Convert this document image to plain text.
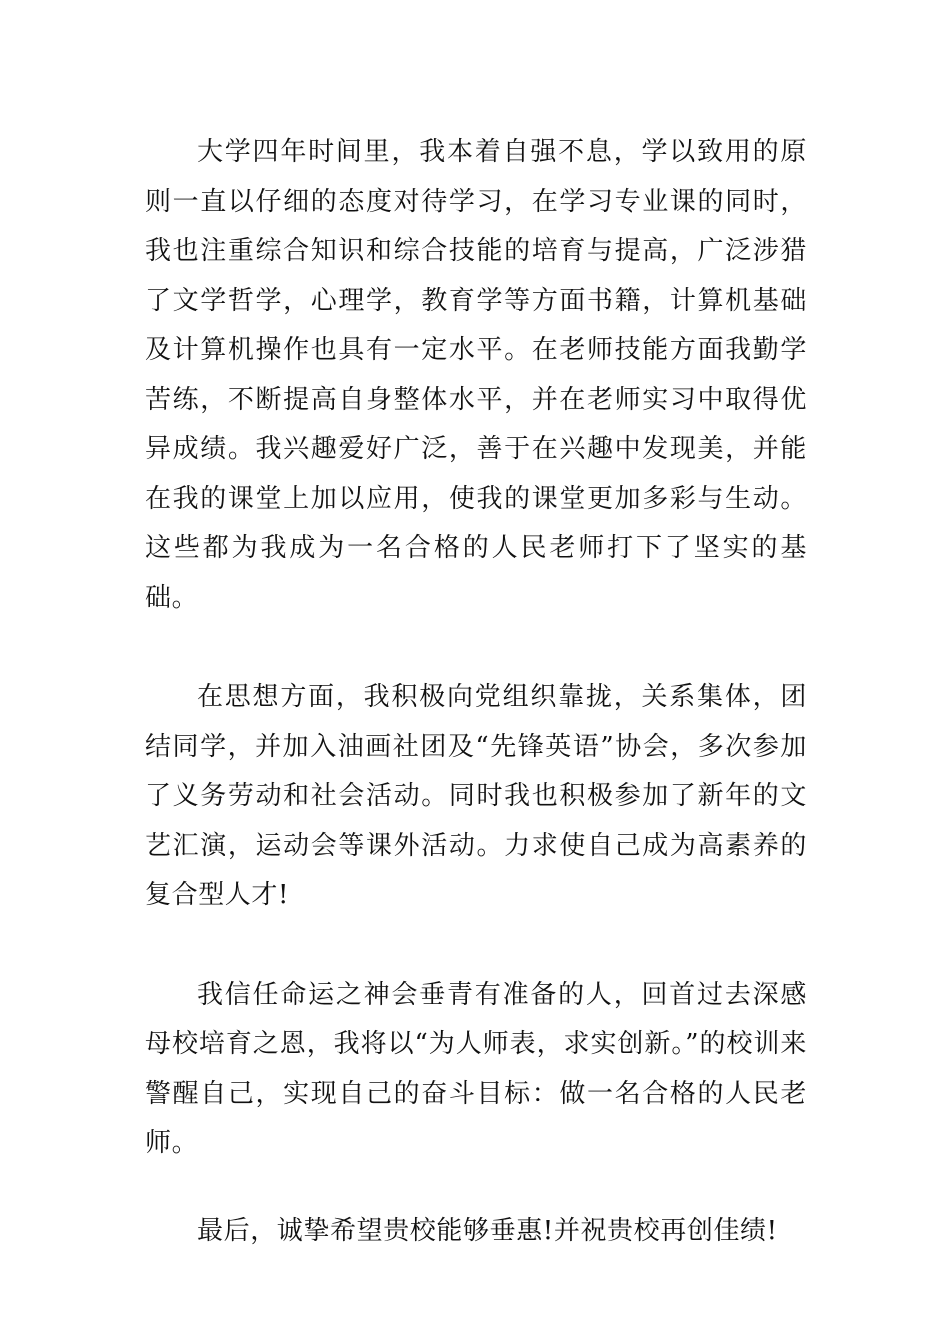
大学四年时间里，我本着自强不息，学以致用的原则一直以仔细的态度对待学习，在学习专业课的同时，我也注重综合知识和综合技能的培育与提高，广泛涉猎了文学哲学，心理学，教育学等方面书籍，计算机基础及计算机操作也具有一定水平。在老师技能方面我勤学苦练，不断提高自身整体水平，并在老师实习中取得优异成绩。我兴趣爱好广泛，善于在兴趣中发现美，并能在我的课堂上加以应用，使我的课堂更加多彩与生动。这些都为我成为一名合格的人民老师打下了坚实的基础。

在思想方面，我积极向党组织靠拢，关系集体，团结同学，并加入油画社团及“先锋英语”协会，多次参加了义务劳动和社会活动。同时我也积极参加了新年的文艺汇演，运动会等课外活动。力求使自己成为高素养的复合型人才!

我信任命运之神会垂青有准备的人，回首过去深感母校培育之恩，我将以“为人师表，求实创新。”的校训来警醒自己，实现自己的奋斗目标：做一名合格的人民老师。

最后，诚挚希望贵校能够垂惠!并祝贵校再创佳绩!
